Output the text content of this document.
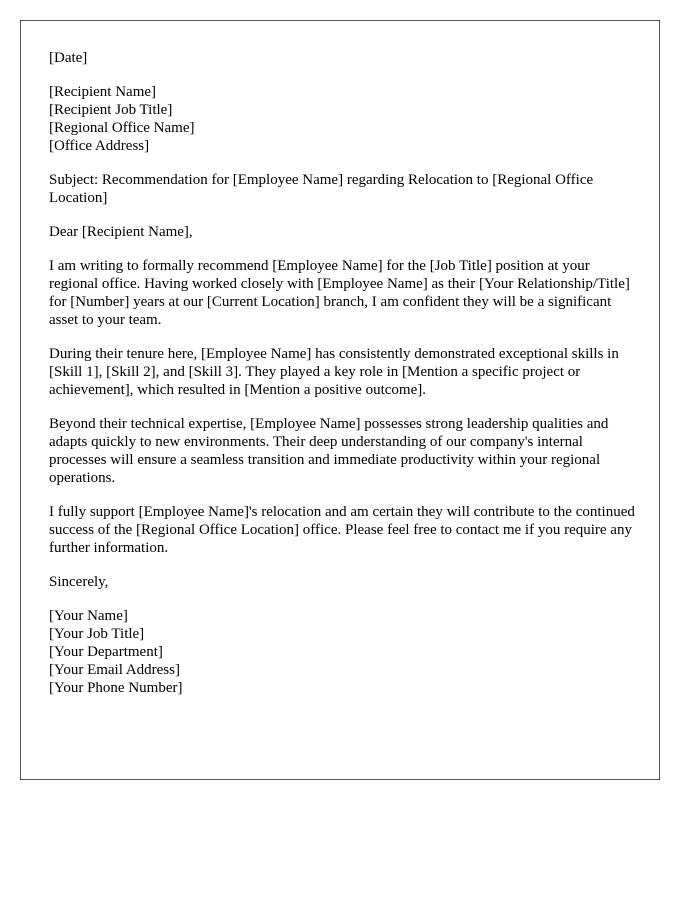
[Date]
[Recipient Name]
[Recipient Job Title]
[Regional Office Name]
[Office Address]

Subject: Recommendation for [Employee Name] regarding Relocation to [Regional Office Location]

Dear [Recipient Name],

I am writing to formally recommend [Employee Name] for the [Job Title] position at your regional office. Having worked closely with [Employee Name] as their [Your Relationship/Title] for [Number] years at our [Current Location] branch, I am confident they will be a significant asset to your team.

During their tenure here, [Employee Name] has consistently demonstrated exceptional skills in [Skill 1], [Skill 2], and [Skill 3]. They played a key role in [Mention a specific project or achievement], which resulted in [Mention a positive outcome].

Beyond their technical expertise, [Employee Name] possesses strong leadership qualities and adapts quickly to new environments. Their deep understanding of our company's internal processes will ensure a seamless transition and immediate productivity within your regional operations.

I fully support [Employee Name]'s relocation and am certain they will contribute to the continued success of the [Regional Office Location] office. Please feel free to contact me if you require any further information.

Sincerely,

[Your Name]
[Your Job Title]
[Your Department]
[Your Email Address]
[Your Phone Number]
